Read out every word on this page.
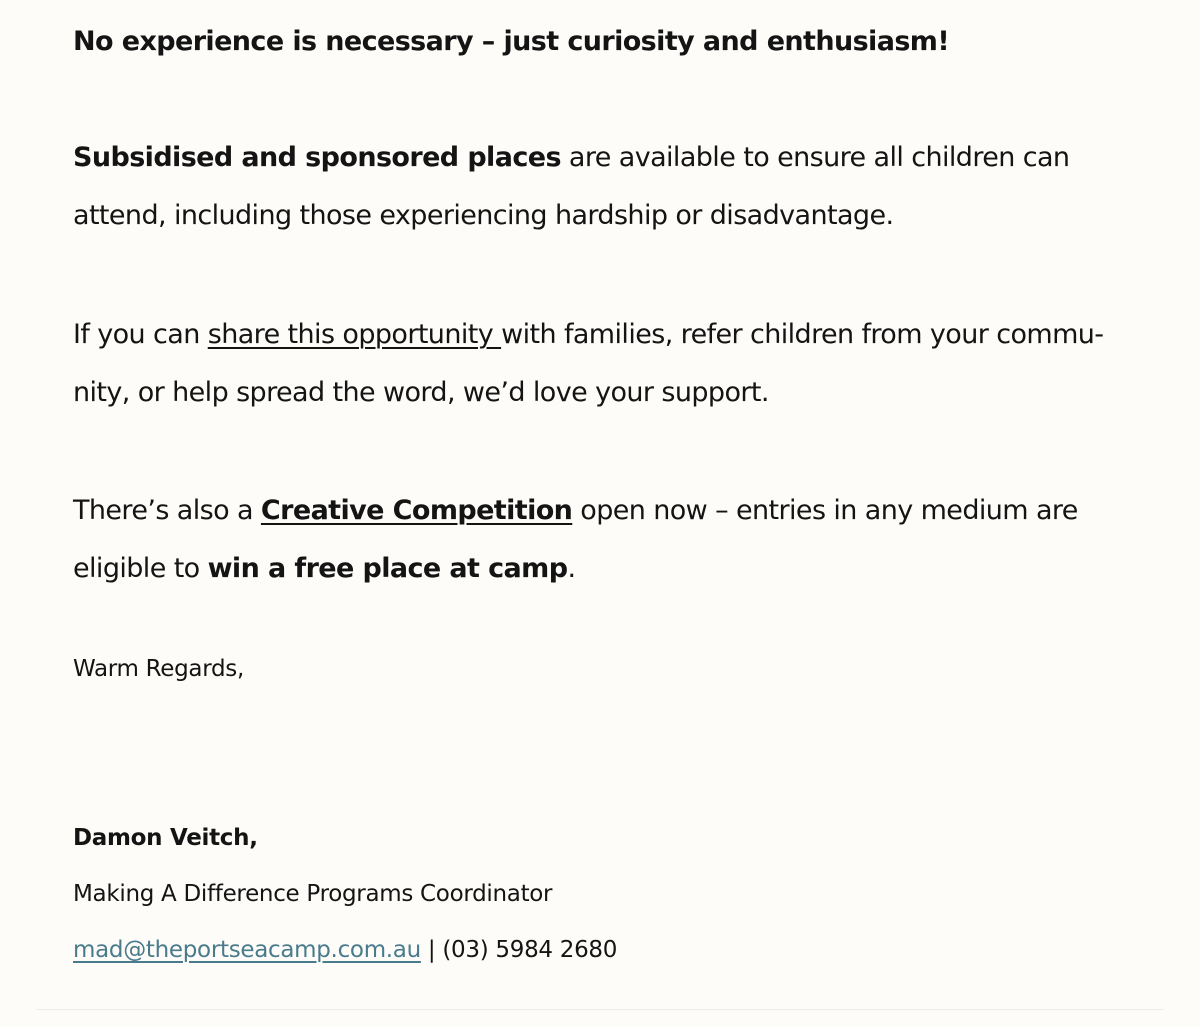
No experience is necessary – just curiosity and enthusiasm!
Subsidised and sponsored places are available to ensure all children can
attend, including those experiencing hardship or disadvantage.
If you can share this opportunity with families, refer children from your commu-
nity, or help spread the word, we’d love your support.
There’s also a Creative Competition open now – entries in any medium are
eligible to win a free place at camp.
Warm Regards,
Damon Veitch,
Making A Difference Programs Coordinator
mad@theportseacamp.com.au | (03) 5984 2680
